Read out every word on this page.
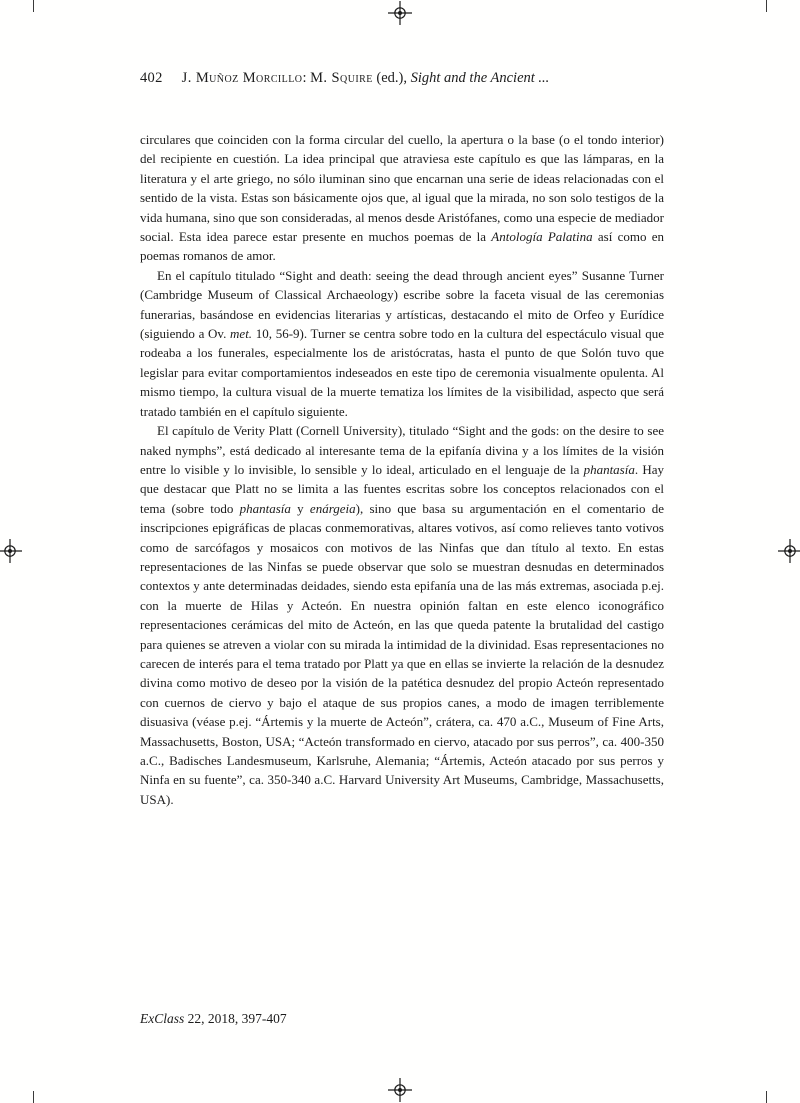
402 J. Muñoz Morcillo: M. Squire (ed.), Sight and the Ancient ...

circulares que coinciden con la forma circular del cuello, la apertura o la base (o el tondo interior) del recipiente en cuestión. La idea principal que atraviesa este capítulo es que las lámparas, en la literatura y el arte griego, no sólo iluminan sino que encarnan una serie de ideas relacionadas con el sentido de la vista. Estas son básicamente ojos que, al igual que la mirada, no son solo testigos de la vida humana, sino que son consideradas, al menos desde Aristófanes, como una especie de mediador social. Esta idea parece estar presente en muchos poemas de la Antología Palatina así como en poemas romanos de amor.

En el capítulo titulado “Sight and death: seeing the dead through ancient eyes” Susanne Turner (Cambridge Museum of Classical Archaeology) escribe sobre la faceta visual de las ceremonias funerarias, basándose en evidencias literarias y artísticas, destacando el mito de Orfeo y Eurídice (siguiendo a Ov. met. 10, 56-9). Turner se centra sobre todo en la cultura del espectáculo visual que rodeaba a los funerales, especialmente los de aristócratas, hasta el punto de que Solón tuvo que legislar para evitar comportamientos indeseados en este tipo de ceremonia visualmente opulenta. Al mismo tiempo, la cultura visual de la muerte tematiza los límites de la visibilidad, aspecto que será tratado también en el capítulo siguiente.

El capítulo de Verity Platt (Cornell University), titulado “Sight and the gods: on the desire to see naked nymphs”, está dedicado al interesante tema de la epifanía divina y a los límites de la visión entre lo visible y lo invisible, lo sensible y lo ideal, articulado en el lenguaje de la phantasía. Hay que destacar que Platt no se limita a las fuentes escritas sobre los conceptos relacionados con el tema (sobre todo phantasía y enárgeia), sino que basa su argumentación en el comentario de inscripciones epigráficas de placas conmemorativas, altares votivos, así como relieves tanto votivos como de sarcófagos y mosaicos con motivos de las Ninfas que dan título al texto. En estas representaciones de las Ninfas se puede observar que solo se muestran desnudas en determinados contextos y ante determinadas deidades, siendo esta epifanía una de las más extremas, asociada p.ej. con la muerte de Hilas y Acteón. En nuestra opinión faltan en este elenco iconográfico representaciones cerámicas del mito de Acteón, en las que queda patente la brutalidad del castigo para quienes se atreven a violar con su mirada la intimidad de la divinidad. Esas representaciones no carecen de interés para el tema tratado por Platt ya que en ellas se invierte la relación de la desnudez divina como motivo de deseo por la visión de la patética desnudez del propio Acteón representado con cuernos de ciervo y bajo el ataque de sus propios canes, a modo de imagen terriblemente disuasiva (véase p.ej. “Ártemis y la muerte de Acteón”, crátera, ca. 470 a.C., Museum of Fine Arts, Massachusetts, Boston, USA; “Acteón transformado en ciervo, atacado por sus perros”, ca. 400-350 a.C., Badisches Landesmuseum, Karlsruhe, Alemania; “Ártemis, Acteón atacado por sus perros y Ninfa en su fuente”, ca. 350-340 a.C. Harvard University Art Museums, Cambridge, Massachusetts, USA).

ExClass 22, 2018, 397-407
